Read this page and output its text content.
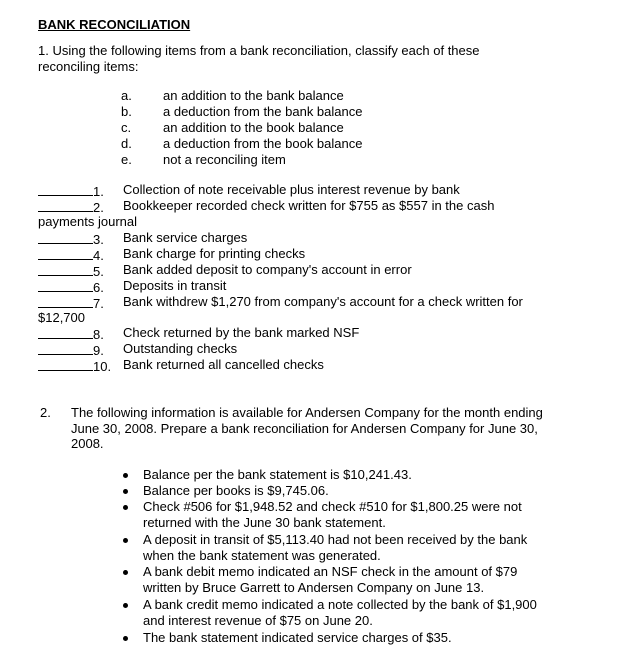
BANK RECONCILIATION
1. Using the following items from a bank reconciliation, classify each of these
reconciling items:
a. an addition to the bank balance
b. a deduction from the bank balance
c. an addition to the book balance
d. a deduction from the book balance
e. not a reconciling item
1. Collection of note receivable plus interest revenue by bank
2. Bookkeeper recorded check written for $755 as $557 in the cash
payments journal
3. Bank service charges
4. Bank charge for printing checks
5. Bank added deposit to company's account in error
6. Deposits in transit
7. Bank withdrew $1,270 from company's account for a check written for
$12,700
8. Check returned by the bank marked NSF
9. Outstanding checks
10. Bank returned all cancelled checks
2. The following information is available for Andersen Company for the month ending
June 30, 2008. Prepare a bank reconciliation for Andersen Company for June 30,
2008.
Balance per the bank statement is $10,241.43.
Balance per books is $9,745.06.
Check #506 for $1,948.52 and check #510 for $1,800.25 were not
returned with the June 30 bank statement.
A deposit in transit of $5,113.40 had not been received by the bank
when the bank statement was generated.
A bank debit memo indicated an NSF check in the amount of $79
written by Bruce Garrett to Andersen Company on June 13.
A bank credit memo indicated a note collected by the bank of $1,900
and interest revenue of $75 on June 20.
The bank statement indicated service charges of $35.
